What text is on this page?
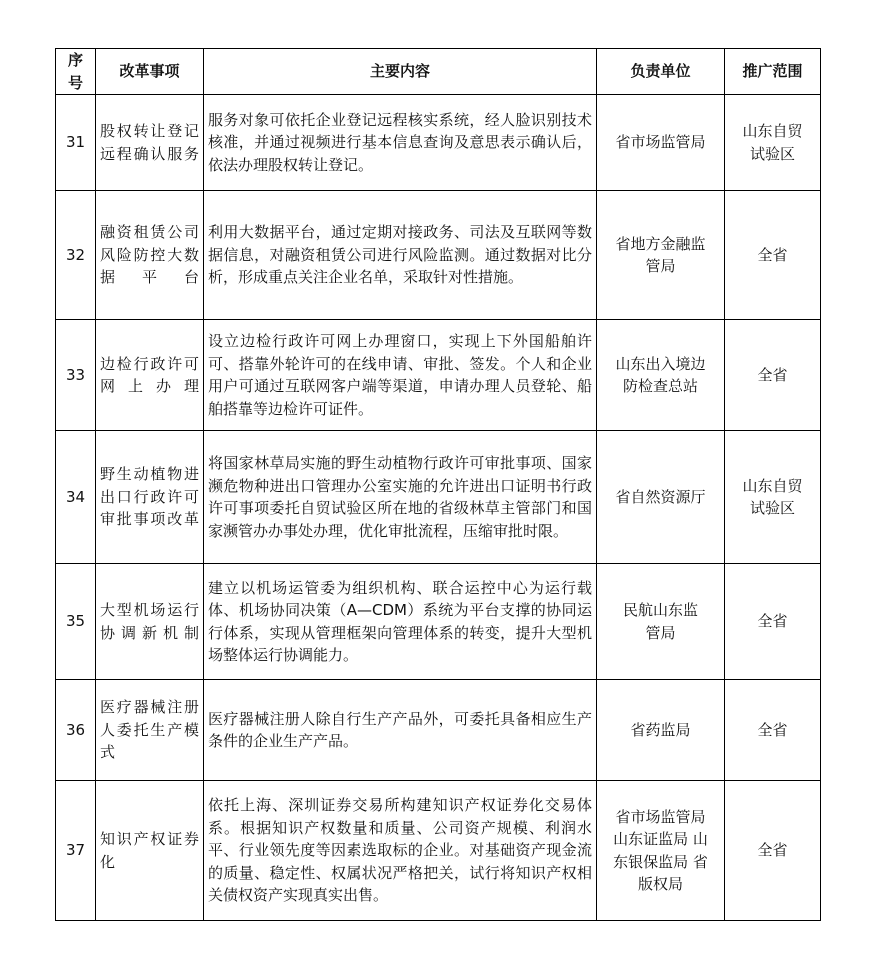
序号	改革事项	主要内容	负责单位	推广范围
31	股权转让登记远程确认服务	服务对象可依托企业登记远程核实系统，经人脸识别技术核准，并通过视频进行基本信息查询及意思表示确认后，依法办理股权转让登记。	省市场监管局	山东自贸试验区
32	融资租赁公司风险防控大数据平台	利用大数据平台，通过定期对接政务、司法及互联网等数据信息，对融资租赁公司进行风险监测。通过数据对比分析，形成重点关注企业名单，采取针对性措施。	省地方金融监管局	全省
33	边检行政许可网上办理	设立边检行政许可网上办理窗口，实现上下外国船舶许可、搭靠外轮许可的在线申请、审批、签发。个人和企业用户可通过互联网客户端等渠道，申请办理人员登轮、船舶搭靠等边检许可证件。	山东出入境边防检查总站	全省
34	野生动植物进出口行政许可审批事项改革	将国家林草局实施的野生动植物行政许可审批事项、国家濒危物种进出口管理办公室实施的允许进出口证明书行政许可事项委托自贸试验区所在地的省级林草主管部门和国家濒管办办事处办理，优化审批流程，压缩审批时限。	省自然资源厅	山东自贸试验区
35	大型机场运行协调新机制	建立以机场运管委为组织机构、联合运控中心为运行载体、机场协同决策（A—CDM）系统为平台支撑的协同运行体系，实现从管理框架向管理体系的转变，提升大型机场整体运行协调能力。	民航山东监管局	全省
36	医疗器械注册人委托生产模式	医疗器械注册人除自行生产产品外，可委托具备相应生产条件的企业生产产品。	省药监局	全省
37	知识产权证券化	依托上海、深圳证券交易所构建知识产权证券化交易体系。根据知识产权数量和质量、公司资产规模、利润水平、行业领先度等因素选取标的企业。对基础资产现金流的质量、稳定性、权属状况严格把关，试行将知识产权相关债权资产实现真实出售。	省市场监管局 山东证监局 山东银保监局 省版权局	全省
